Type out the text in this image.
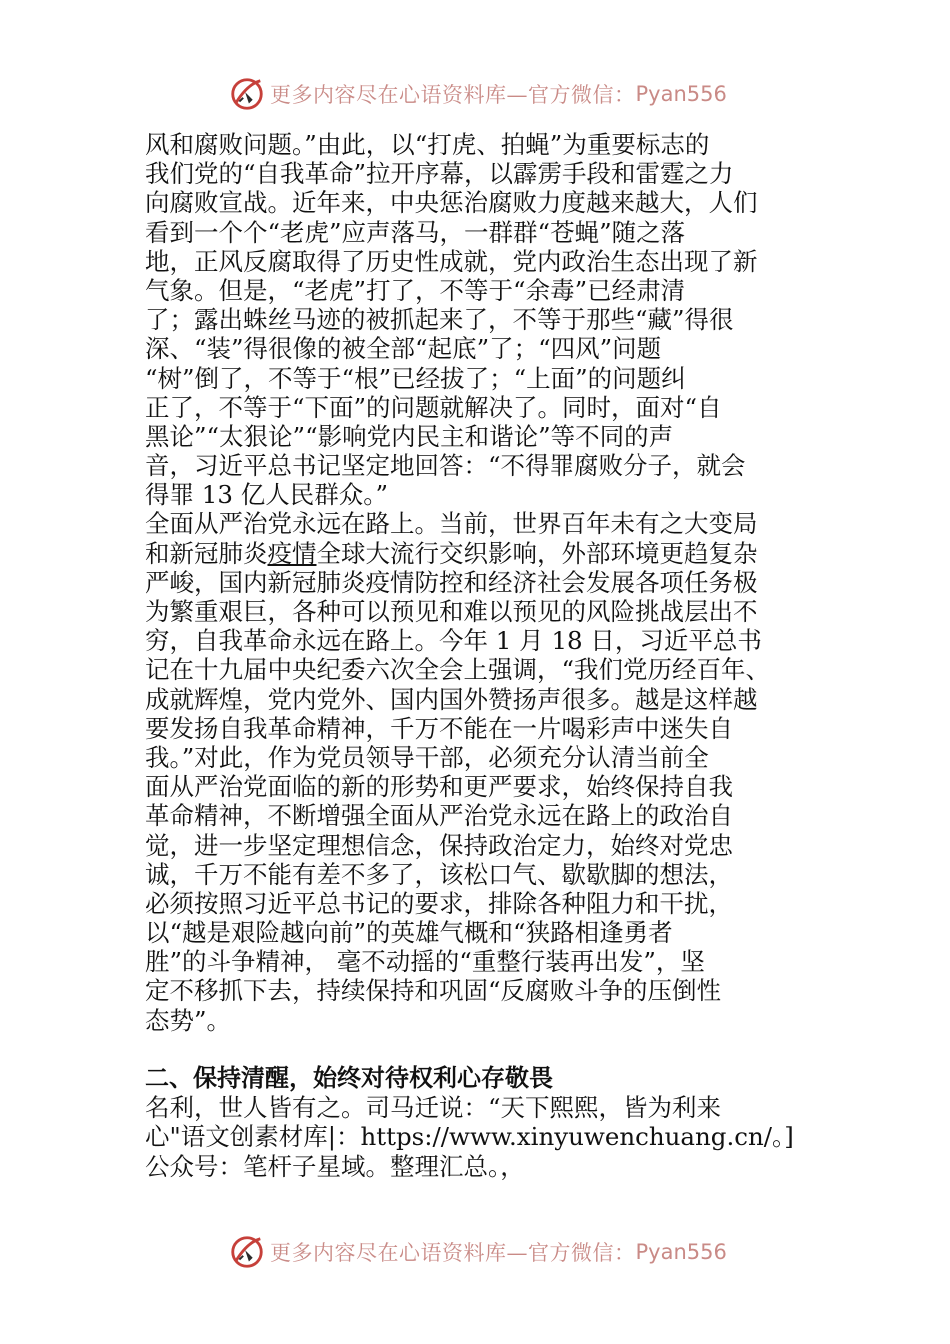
更多内容尽在心语资料库—官方微信： Pyan556
风和腐败问题。”由此，以“打虎、拍蝇”为重要标志的
我们党的“自我革命”拉开序幕，以霹雳手段和雷霆之力
向腐败宣战。近年来，中央惩治腐败力度越来越大，人们
看到一个个“老虎”应声落马，一群群“苍蝇”随之落
地，正风反腐取得了历史性成就，党内政治生态出现了新
气象。但是，“老虎”打了，不等于“余毒”已经肃清
了；露出蛛丝马迹的被抓起来了，不等于那些“藏”得很
深、“装”得很像的被全部“起底”了；“四风”问题
“树”倒了，不等于“根”已经拔了；“上面”的问题纠
正了，不等于“下面”的问题就解决了。同时，面对“自
黑论”“太狠论”“影响党内民主和谐论”等不同的声
音，习近平总书记坚定地回答：“不得罪腐败分子，就会
得罪 13 亿人民群众。”
全面从严治党永远在路上。当前，世界百年未有之大变局
和新冠肺炎疫情全球大流行交织影响，外部环境更趋复杂
严峻，国内新冠肺炎疫情防控和经济社会发展各项任务极
为繁重艰巨，各种可以预见和难以预见的风险挑战层出不
穷，自我革命永远在路上。今年 1 月 18 日，习近平总书
记在十九届中央纪委六次全会上强调，“我们党历经百年、
成就辉煌，党内党外、国内国外赞扬声很多。越是这样越
要发扬自我革命精神，千万不能在一片喝彩声中迷失自
我。”对此，作为党员领导干部，必须充分认清当前全
面从严治党面临的新的形势和更严要求，始终保持自我
革命精神，不断增强全面从严治党永远在路上的政治自
觉，进一步坚定理想信念，保持政治定力，始终对党忠
诚，千万不能有差不多了，该松口气、歇歇脚的想法，
必须按照习近平总书记的要求，排除各种阻力和干扰，
以“越是艰险越向前”的英雄气概和“狭路相逢勇者
胜”的斗争精神， 毫不动摇的“重整行装再出发”，坚
定不移抓下去，持续保持和巩固“反腐败斗争的压倒性
态势”。
二、保持清醒，始终对待权利心存敬畏
名利，世人皆有之。司马迁说：“天下熙熙，皆为利来
心"语文创素材库|：https://www.xinyuwenchuang.cn/。]
公众号：笔杆子星域。整理汇总。，
更多内容尽在心语资料库—官方微信： Pyan556
